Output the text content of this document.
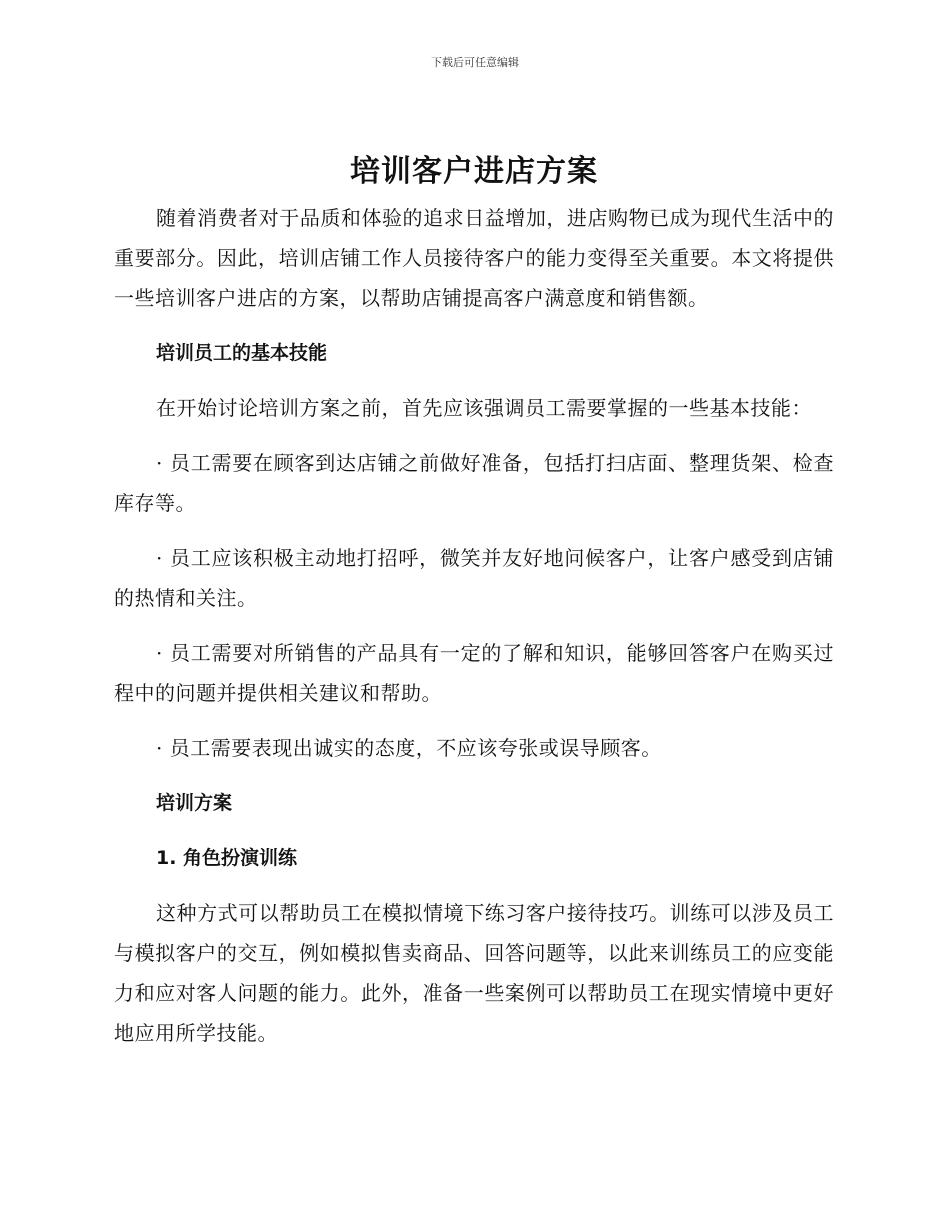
下载后可任意编辑
培训客户进店方案

随着消费者对于品质和体验的追求日益增加，进店购物已成为现代生活中的重要部分。因此，培训店铺工作人员接待客户的能力变得至关重要。本文将提供一些培训客户进店的方案，以帮助店铺提高客户满意度和销售额。

培训员工的基本技能

在开始讨论培训方案之前，首先应该强调员工需要掌握的一些基本技能：

· 员工需要在顾客到达店铺之前做好准备，包括打扫店面、整理货架、检查库存等。

· 员工应该积极主动地打招呼，微笑并友好地问候客户，让客户感受到店铺的热情和关注。

· 员工需要对所销售的产品具有一定的了解和知识，能够回答客户在购买过程中的问题并提供相关建议和帮助。

· 员工需要表现出诚实的态度，不应该夸张或误导顾客。

培训方案

1. 角色扮演训练

这种方式可以帮助员工在模拟情境下练习客户接待技巧。训练可以涉及员工与模拟客户的交互，例如模拟售卖商品、回答问题等，以此来训练员工的应变能力和应对客人问题的能力。此外，准备一些案例可以帮助员工在现实情境中更好地应用所学技能。
